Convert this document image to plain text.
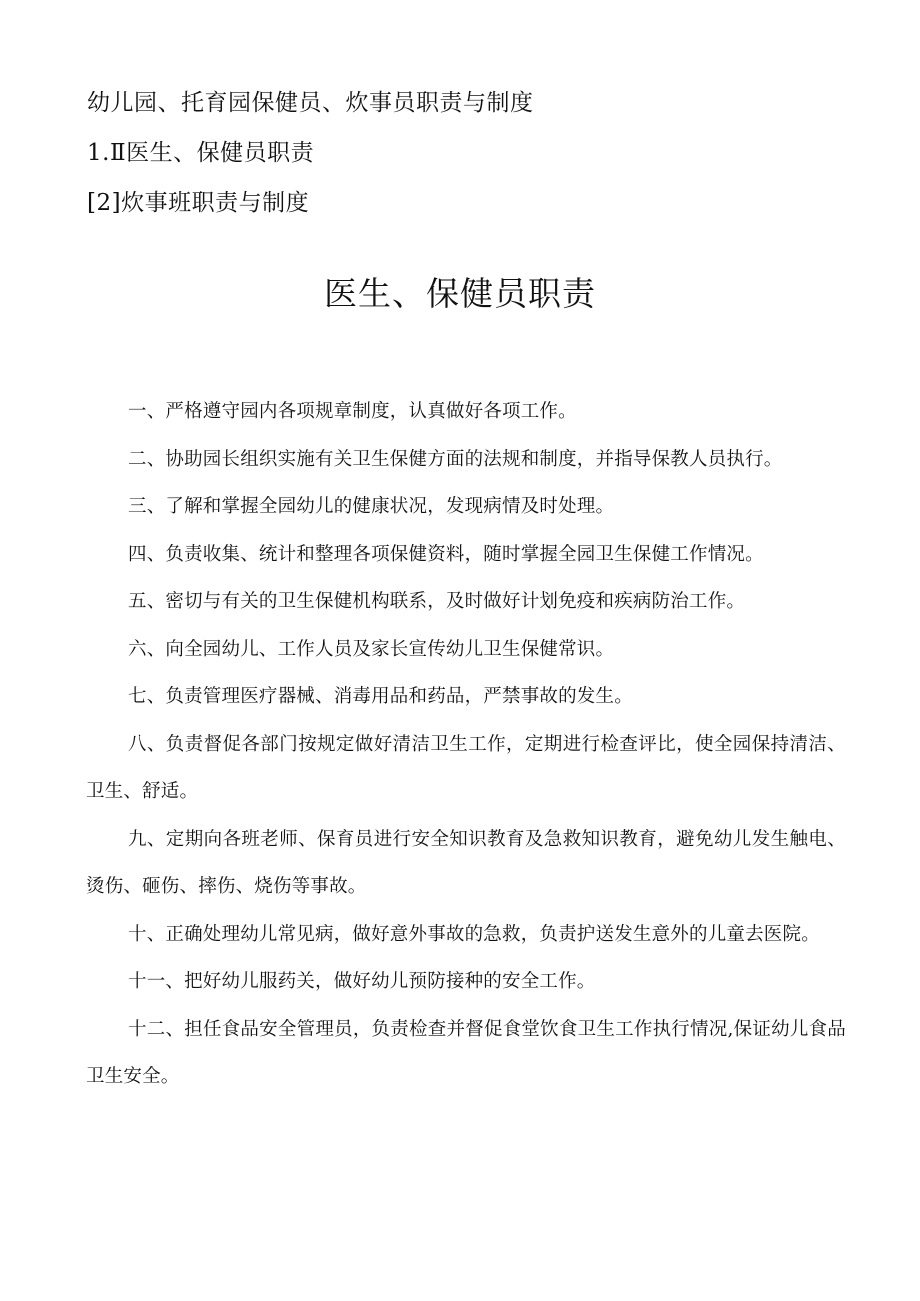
幼儿园、托育园保健员、炊事员职责与制度
1.Ⅱ医生、保健员职责
[2]炊事班职责与制度
医生、保健员职责

一、严格遵守园内各项规章制度，认真做好各项工作。

二、协助园长组织实施有关卫生保健方面的法规和制度，并指导保教人员执行。

三、了解和掌握全园幼儿的健康状况，发现病情及时处理。

四、负责收集、统计和整理各项保健资料，随时掌握全园卫生保健工作情况。

五、密切与有关的卫生保健机构联系，及时做好计划免疫和疾病防治工作。

六、向全园幼儿、工作人员及家长宣传幼儿卫生保健常识。

七、负责管理医疗器械、消毒用品和药品，严禁事故的发生。

八、负责督促各部门按规定做好清洁卫生工作，定期进行检查评比，使全园保持清洁、卫生、舒适。

九、定期向各班老师、保育员进行安全知识教育及急救知识教育，避免幼儿发生触电、烫伤、砸伤、摔伤、烧伤等事故。

十、正确处理幼儿常见病，做好意外事故的急救，负责护送发生意外的儿童去医院。

十一、把好幼儿服药关，做好幼儿预防接种的安全工作。

十二、担任食品安全管理员，负责检查并督促食堂饮食卫生工作执行情况,保证幼儿食品卫生安全。
